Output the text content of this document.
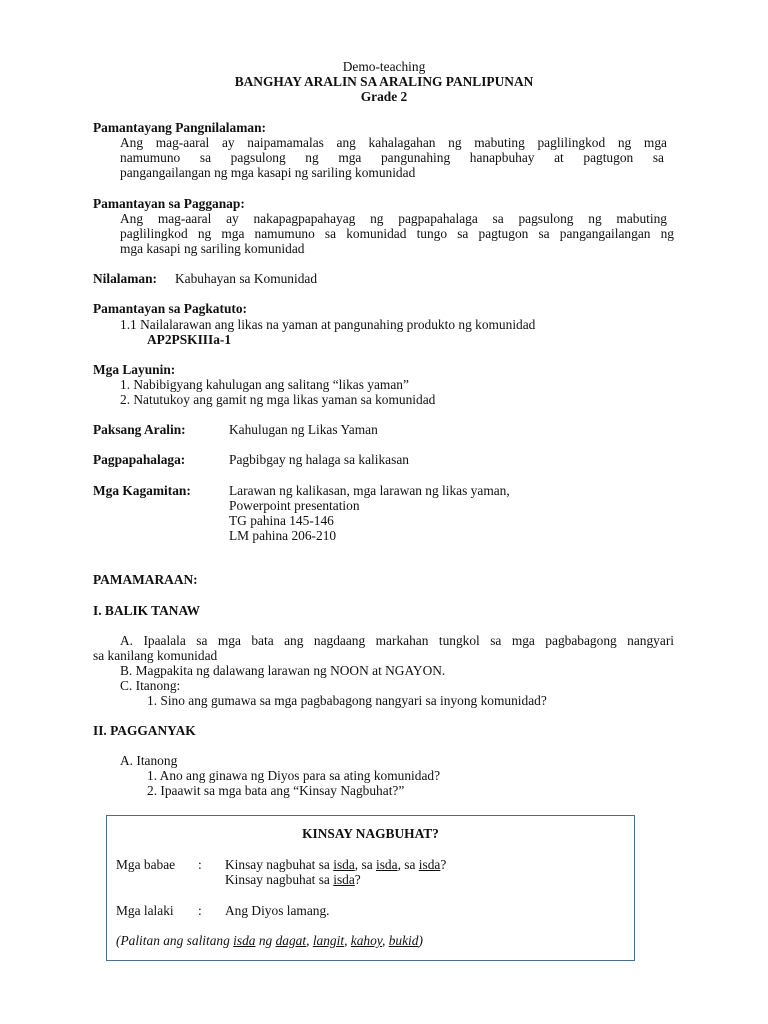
Demo-teaching
BANGHAY ARALIN SA ARALING PANLIPUNAN
Grade 2
Pamantayang Pangnilalaman:
Ang mag-aaral ay naipamamalas ang kahalagahan ng mabuting paglilingkod ng mga
namumuno sa pagsulong ng mga pangunahing hanapbuhay at pagtugon sa
pangangailangan ng mga kasapi ng sariling komunidad
Pamantayan sa Pagganap:
Ang mag-aaral ay nakapagpapahayag ng pagpapahalaga sa pagsulong ng mabuting
paglilingkod ng mga namumuno sa komunidad tungo sa pagtugon sa pangangailangan ng
mga kasapi ng sariling komunidad
Nilalaman: Kabuhayan sa Komunidad
Pamantayan sa Pagkatuto:
1.1 Nailalarawan ang likas na yaman at pangunahing produkto ng komunidad
AP2PSKIIIa-1
Mga Layunin:
1. Nabibigyang kahulugan ang salitang “likas yaman”
2. Natutukoy ang gamit ng mga likas yaman sa komunidad
Paksang Aralin:	Kahulugan ng Likas Yaman
Pagpapahalaga:	Pagbibgay ng halaga sa kalikasan
Mga Kagamitan:	Larawan ng kalikasan, mga larawan ng likas yaman,
Powerpoint presentation
TG pahina 145-146
LM pahina 206-210
PAMAMARAAN:
I. BALIK TANAW
A. Ipaalala sa mga bata ang nagdaang markahan tungkol sa mga pagbabagong nangyari
sa kanilang komunidad
B. Magpakita ng dalawang larawan ng NOON at NGAYON.
C. Itanong:
1. Sino ang gumawa sa mga pagbabagong nangyari sa inyong komunidad?
II. PAGGANYAK
A. Itanong
1. Ano ang ginawa ng Diyos para sa ating komunidad?
2. Ipaawit sa mga bata ang “Kinsay Nagbuhat?”
KINSAY NAGBUHAT?
Mga babae : Kinsay nagbuhat sa isda, sa isda, sa isda?
Kinsay nagbuhat sa isda?
Mga lalaki : Ang Diyos lamang.
(Palitan ang salitang isda ng dagat, langit, kahoy, bukid)
